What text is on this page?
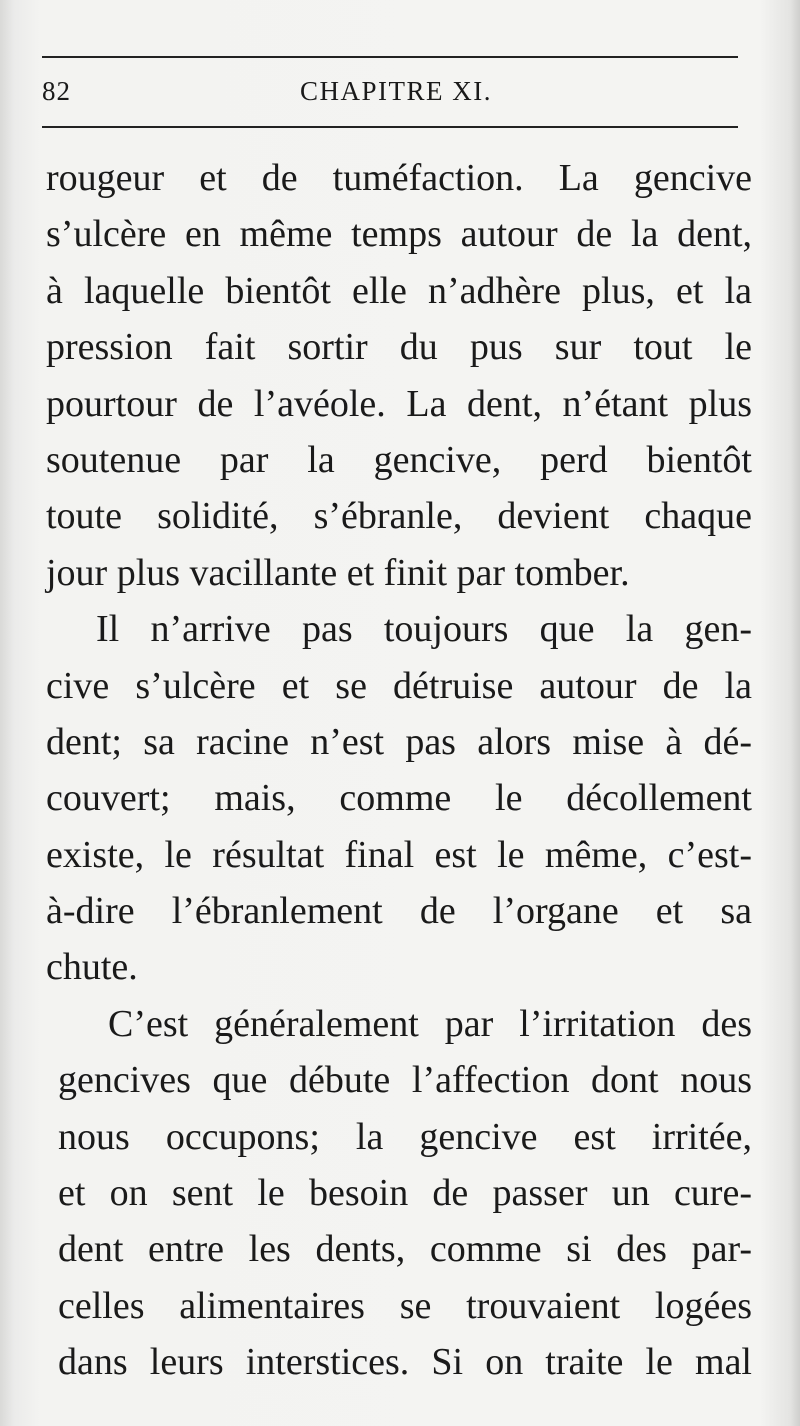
82	CHAPITRE XI.
rougeur et de tuméfaction. La gencive
s’ulcère en même temps autour de la dent,
à laquelle bientôt elle n’adhère plus, et la
pression fait sortir du pus sur tout le
pourtour de l’avéole. La dent, n’étant plus
soutenue par la gencive, perd bientôt
toute solidité, s’ébranle, devient chaque
jour plus vacillante et finit par tomber.
Il n’arrive pas toujours que la gen-
cive s’ulcère et se détruise autour de la
dent; sa racine n’est pas alors mise à dé-
couvert; mais, comme le décollement
existe, le résultat final est le même, c’est-
à-dire l’ébranlement de l’organe et sa
chute.
C’est généralement par l’irritation des
gencives que débute l’affection dont nous
nous occupons; la gencive est irritée,
et on sent le besoin de passer un cure-
dent entre les dents, comme si des par-
celles alimentaires se trouvaient logées
dans leurs interstices. Si on traite le mal
